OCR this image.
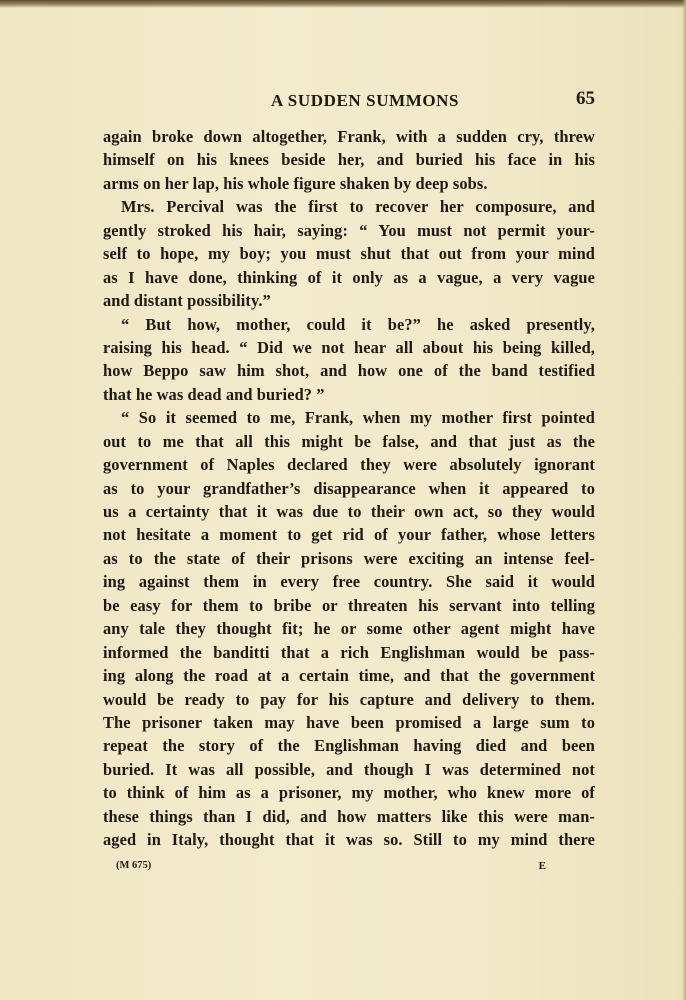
A SUDDEN SUMMONS	65
again broke down altogether, Frank, with a sudden cry, threw
himself on his knees beside her, and buried his face in his
arms on her lap, his whole figure shaken by deep sobs.
Mrs. Percival was the first to recover her composure, and
gently stroked his hair, saying: “ You must not permit your-
self to hope, my boy; you must shut that out from your mind
as I have done, thinking of it only as a vague, a very vague
and distant possibility.”
“ But how, mother, could it be?” he asked presently,
raising his head. “ Did we not hear all about his being killed,
how Beppo saw him shot, and how one of the band testified
that he was dead and buried? ”
“ So it seemed to me, Frank, when my mother first pointed
out to me that all this might be false, and that just as the
government of Naples declared they were absolutely ignorant
as to your grandfather’s disappearance when it appeared to
us a certainty that it was due to their own act, so they would
not hesitate a moment to get rid of your father, whose letters
as to the state of their prisons were exciting an intense feel-
ing against them in every free country. She said it would
be easy for them to bribe or threaten his servant into telling
any tale they thought fit; he or some other agent might have
informed the banditti that a rich Englishman would be pass-
ing along the road at a certain time, and that the government
would be ready to pay for his capture and delivery to them.
The prisoner taken may have been promised a large sum to
repeat the story of the Englishman having died and been
buried. It was all possible, and though I was determined not
to think of him as a prisoner, my mother, who knew more of
these things than I did, and how matters like this were man-
aged in Italy, thought that it was so. Still to my mind there
(M 675)	E
